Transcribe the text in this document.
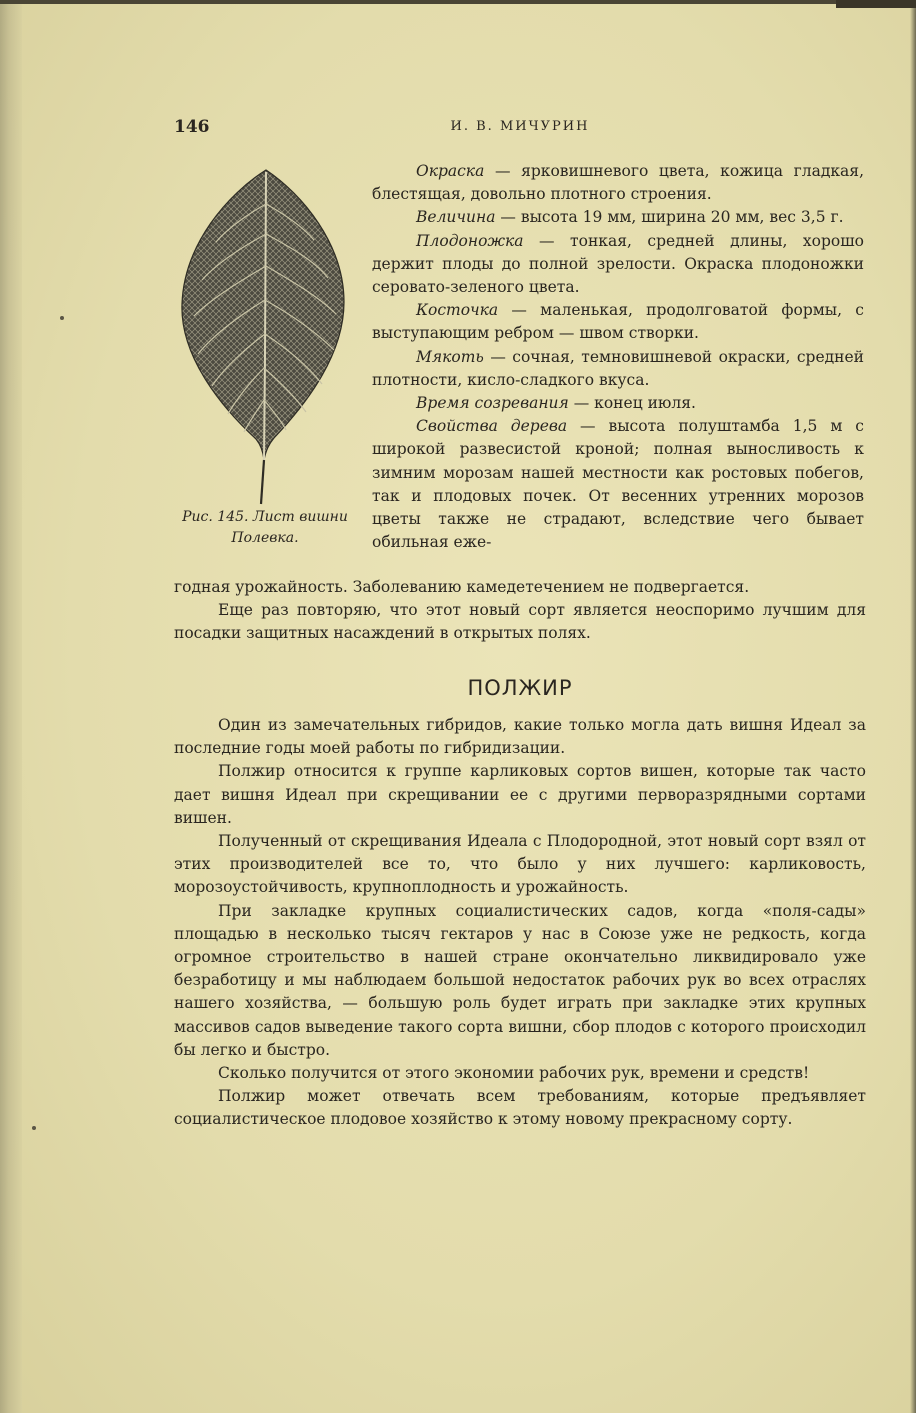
146	И. В. МИЧУРИН
Рис. 145. Лист вишни
Полевка.

Окраска — ярковишневого цвета, кожица гладкая, блестящая, довольно плотного строения.

Величина — высота 19 мм, ширина 20 мм, вес 3,5 г.

Плодоножка — тонкая, средней длины, хорошо держит плоды до полной зрелости. Окраска плодоножки серовато-зеленого цвета.

Косточка — маленькая, продолговатой формы, с выступающим ребром — швом створки.

Мякоть — сочная, темновишневой окраски, средней плотности, кисло-сладкого вкуса.

Время созревания — конец июля.

Свойства дерева — высота полуштамба 1,5 м с широкой развесистой кроной; полная выносливость к зимним морозам нашей местности как ростовых побегов, так и плодовых почек. От весенних утренних морозов цветы также не страдают, вследствие чего бывает обильная еже-

годная урожайность. Заболеванию камедетечением не подвергается.

Еще раз повторяю, что этот новый сорт является неоспоримо лучшим для посадки защитных насаждений в открытых полях.

ПОЛЖИР

Один из замечательных гибридов, какие только могла дать вишня Идеал за последние годы моей работы по гибридизации.

Полжир относится к группе карликовых сортов вишен, которые так часто дает вишня Идеал при скрещивании ее с другими перворазрядными сортами вишен.

Полученный от скрещивания Идеала с Плодородной, этот новый сорт взял от этих производителей все то, что было у них лучшего: карликовость, морозоустойчивость, крупноплодность и урожайность.

При закладке крупных социалистических садов, когда «поля-сады» площадью в несколько тысяч гектаров у нас в Союзе уже не редкость, когда огромное строительство в нашей стране окончательно ликвидировало уже безработицу и мы наблюдаем большой недостаток рабочих рук во всех отраслях нашего хозяйства, — большую роль будет играть при закладке этих крупных массивов садов выведение такого сорта вишни, сбор плодов с которого происходил бы легко и быстро.

Сколько получится от этого экономии рабочих рук, времени и средств!

Полжир может отвечать всем требованиям, которые предъявляет социалистическое плодовое хозяйство к этому новому прекрасному сорту.
